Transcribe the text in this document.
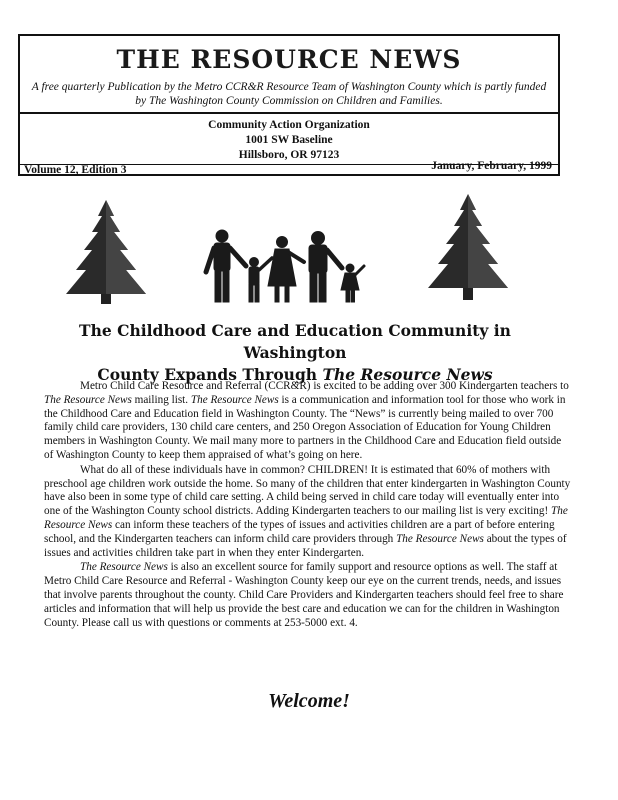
THE RESOURCE NEWS
A free quarterly Publication by the Metro CCR&R Resource Team of Washington County which is partly funded by The Washington County Commission on Children and Families.
Community Action Organization
1001 SW Baseline
Hillsboro, OR 97123
Volume 12, Edition 3	January, February, 1999
The Childhood Care and Education Community in Washington
County Expands Through The Resource News

Metro Child Care Resource and Referral (CCR&R) is excited to be adding over 300 Kindergarten teachers to The Resource News mailing list. The Resource News is a communication and information tool for those who work in the Childhood Care and Education field in Washington County. The “News” is currently being mailed to over 700 family child care providers, 130 child care centers, and 250 Oregon Association of Education for Young Children members in Washington County. We mail many more to partners in the Childhood Care and Education field outside of Washington County to keep them appraised of what’s going on here.

What do all of these individuals have in common? CHILDREN! It is estimated that 60% of mothers with preschool age children work outside the home. So many of the children that enter kindergarten in Washington County have also been in some type of child care setting. A child being served in child care today will eventually enter into one of the Washington County school districts. Adding Kindergarten teachers to our mailing list is very exciting! The Resource News can inform these teachers of the types of issues and activities children are a part of before entering school, and the Kindergarten teachers can inform child care providers through The Resource News about the types of issues and activities children take part in when they enter Kindergarten.

The Resource News is also an excellent source for family support and resource options as well. The staff at Metro Child Care Resource and Referral - Washington County keep our eye on the current trends, needs, and issues that involve parents throughout the county. Child Care Providers and Kindergarten teachers should feel free to share articles and information that will help us provide the best care and education we can for the children in Washington County. Please call us with questions or comments at 253-5000 ext. 4.

Welcome!
